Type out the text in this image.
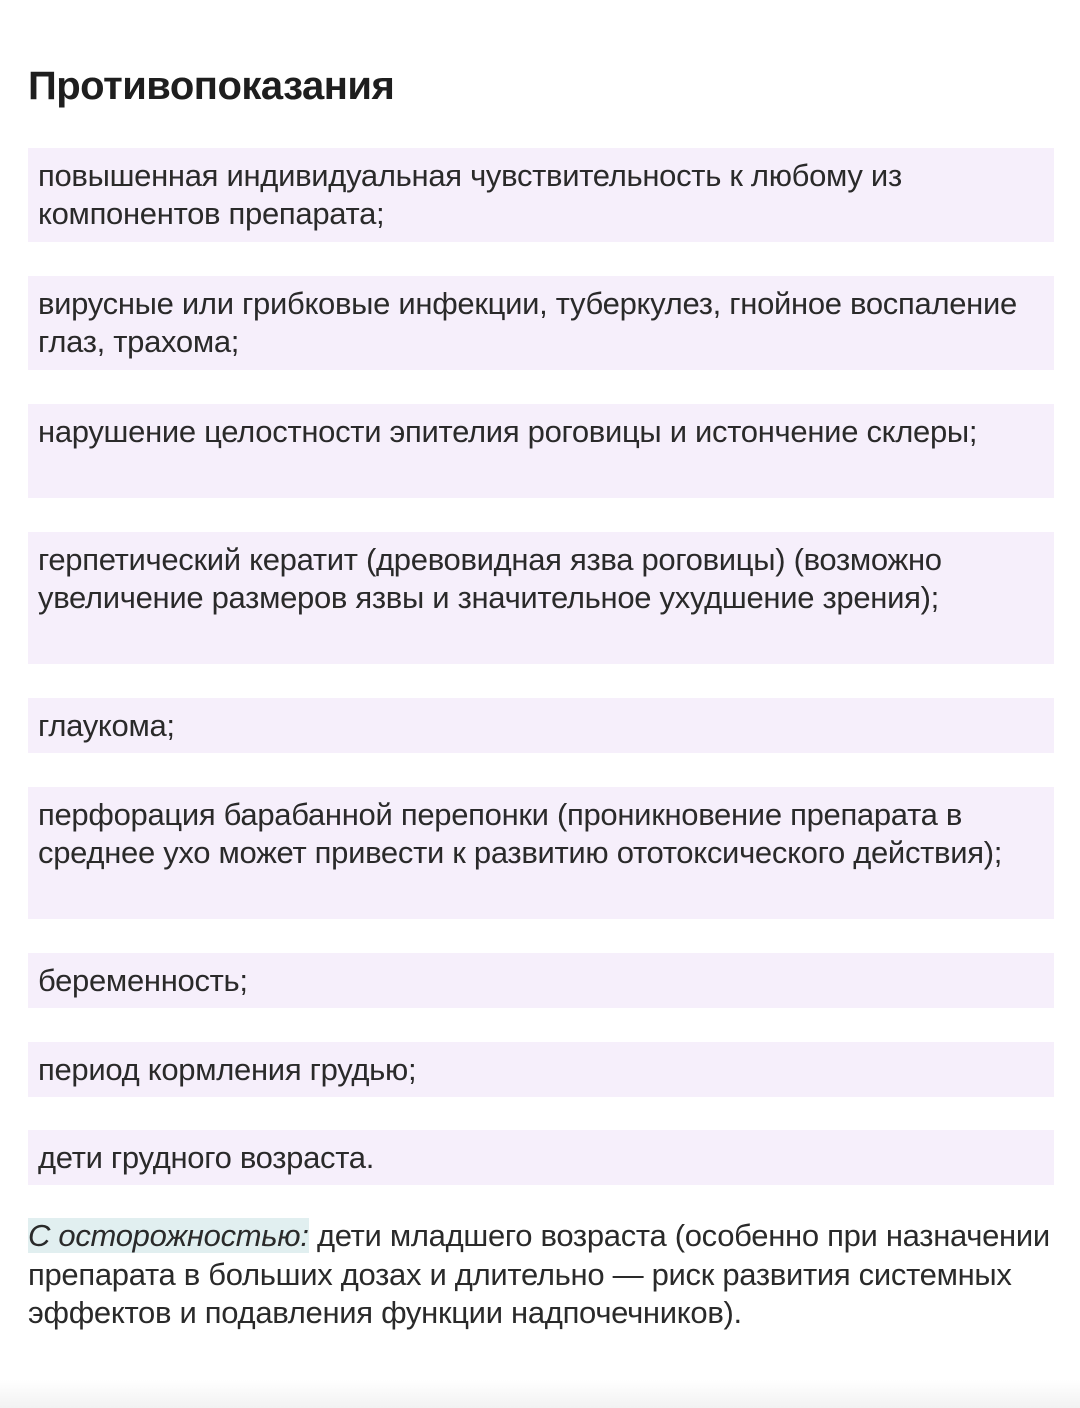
Противопоказания
повышенная индивидуальная чувствительность к любому из компонентов препарата;
вирусные или грибковые инфекции, туберкулез, гнойное воспаление глаз, трахома;
нарушение целостности эпителия роговицы и истончение склеры;
герпетический кератит (древовидная язва роговицы) (возможно увеличение размеров язвы и значительное ухудшение зрения);
глаукома;
перфорация барабанной перепонки (проникновение препарата в среднее ухо может привести к развитию ототоксического действия);
беременность;
период кормления грудью;
дети грудного возраста.

С осторожностью: дети младшего возраста (особенно при назначении препарата в больших дозах и длительно — риск развития системных эффектов и подавления функции надпочечников).
